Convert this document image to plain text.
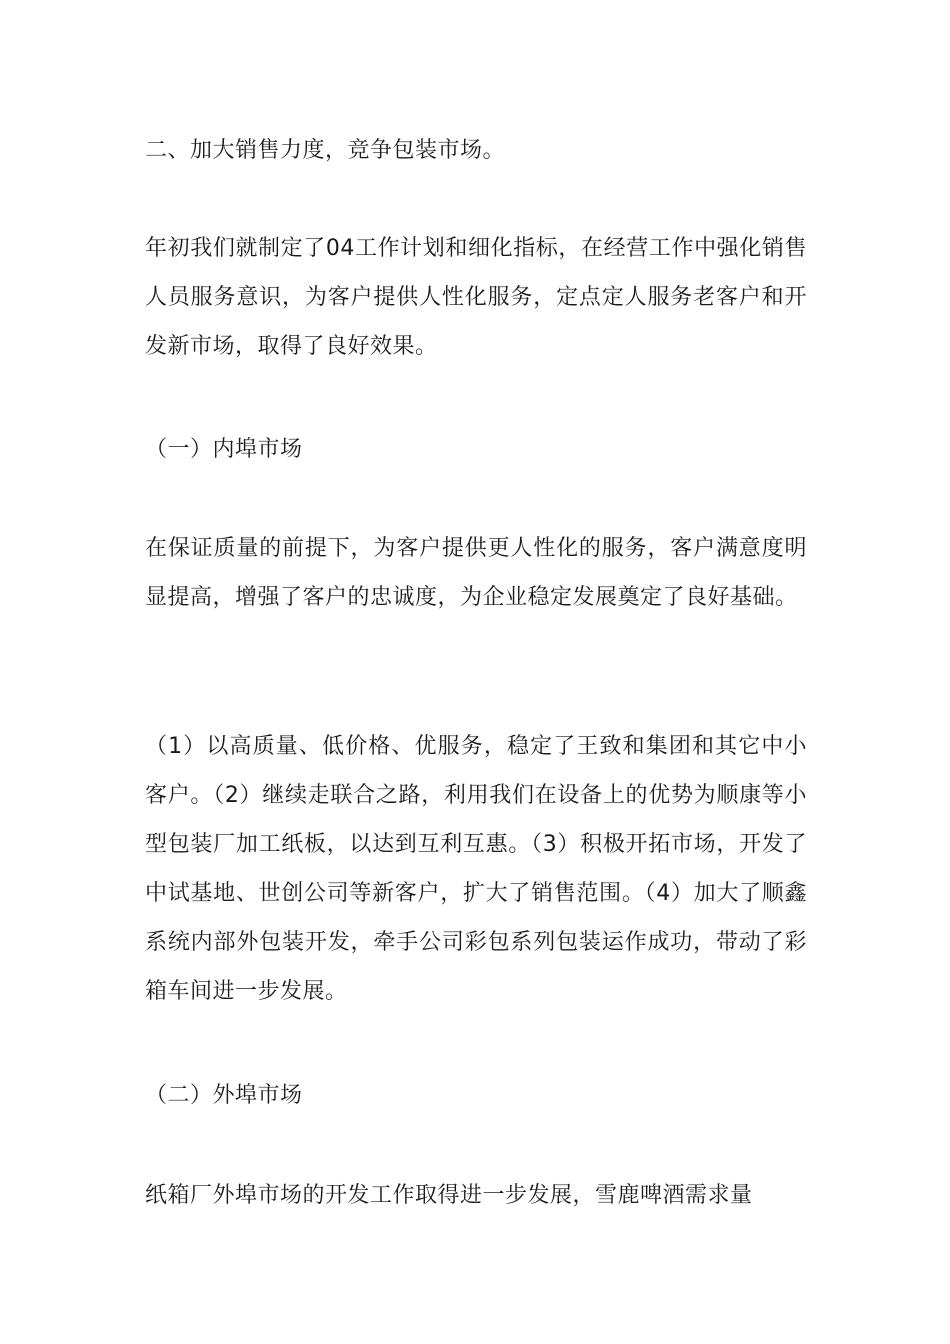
二、加大销售力度，竞争包装市场。

年初我们就制定了04工作计划和细化指标，在经营工作中强化销售人员服务意识，为客户提供人性化服务，定点定人服务老客户和开发新市场，取得了良好效果。

（一）内埠市场

在保证质量的前提下，为客户提供更人性化的服务，客户满意度明显提高，增强了客户的忠诚度，为企业稳定发展奠定了良好基础。

（1）以高质量、低价格、优服务，稳定了王致和集团和其它中小客户。（2）继续走联合之路，利用我们在设备上的优势为顺康等小型包装厂加工纸板，以达到互利互惠。（3）积极开拓市场，开发了中试基地、世创公司等新客户，扩大了销售范围。（4）加大了顺鑫系统内部外包装开发，牵手公司彩包系列包装运作成功，带动了彩箱车间进一步发展。

（二）外埠市场

纸箱厂外埠市场的开发工作取得进一步发展，雪鹿啤酒需求量
